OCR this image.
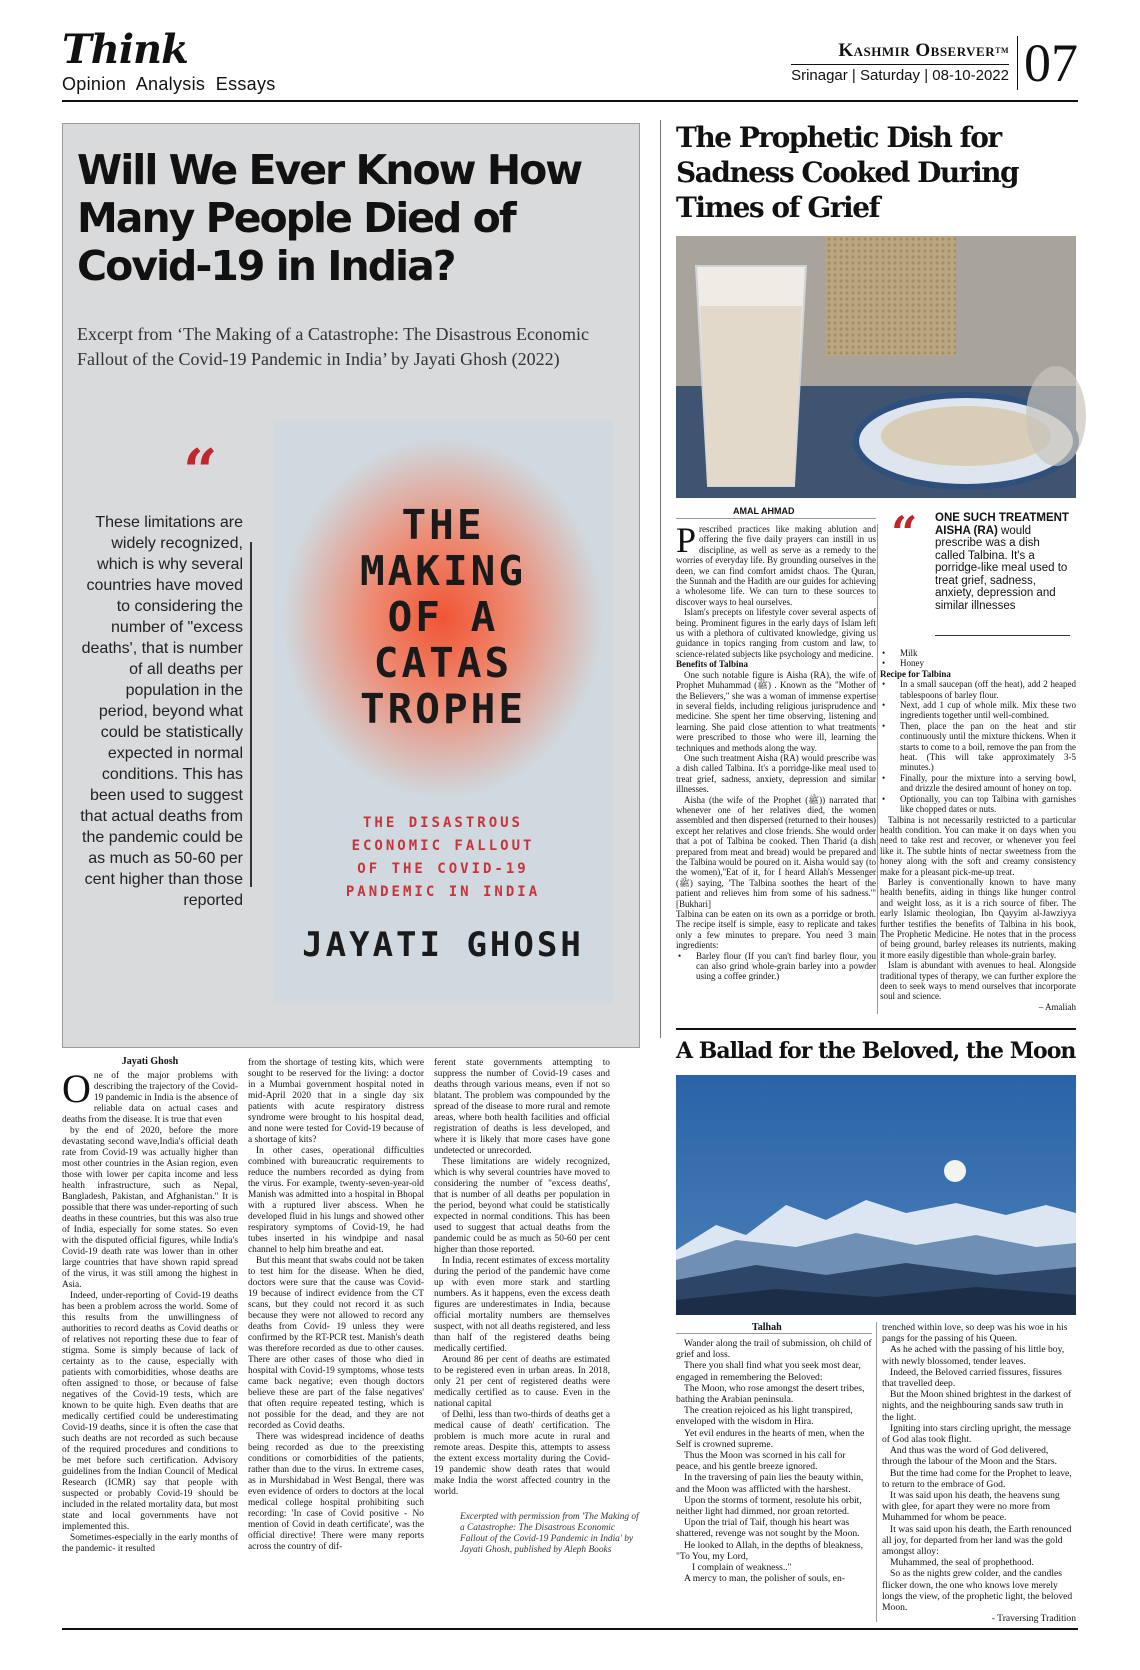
Think
Opinion  Analysis  Essays
Kashmir Observer™
Srinagar | Saturday | 08-10-2022 07
Will We Ever Know How Many People Died of Covid-19 in India?
Excerpt from ‘The Making of a Catastrophe: The Disastrous Economic Fallout of the Covid-19 Pandemic in India’ by Jayati Ghosh (2022)
“
These limitations are widely recognized, which is why several countries have moved to considering the number of "excess deaths', that is number of all deaths per population in the period, beyond what could be statistically expected in normal conditions. This has been used to suggest that actual deaths from the pandemic could be as much as 50-60 per cent higher than those reported
THE
MAKING
OF A
CATAS
TROPHE
THE DISASTROUS
ECONOMIC FALLOUT
OF THE COVID-19
PANDEMIC IN INDIA
JAYATI GHOSH
Jayati Ghosh

One of the major problems with describing the trajectory of the Covid-19 pandemic in India is the absence of reliable data on actual cases and deaths from the disease. It is true that even

by the end of 2020, before the more devastating second wave,India's official death rate from Covid-19 was actually higher than most other countries in the Asian region, even those with lower per capita income and less health infrastructure, such as Nepal, Bangladesh, Pakistan, and Afghanistan." It is possible that there was under-reporting of such deaths in these countries, but this was also true of India, especially for some states. So even with the disputed official figures, while India's Covid-19 death rate was lower than in other large countries that have shown rapid spread of the virus, it was still among the highest in Asia.

Indeed, under-reporting of Covid-19 deaths has been a problem across the world. Some of this results from the unwillingness of authorities to record deaths as Covid deaths or of relatives not reporting these due to fear of stigma. Some is simply because of lack of certainty as to the cause, especially with patients with comorbidities, whose deaths are often assigned to those, or because of false negatives of the Covid-19 tests, which are known to be quite high. Even deaths that are medically certified could be underestimating Covid-19 deaths, since it is often the case that such deaths are not recorded as such because of the required procedures and conditions to be met before such certification. Advisory guidelines from the Indian Council of Medical Research (ICMR) say that people with suspected or probably Covid-19 should be included in the related mortality data, but most state and local governments have not implemented this.

Sometimes-especially in the early months of the pandemic- it resulted

from the shortage of testing kits, which were sought to be reserved for the living: a doctor in a Mumbai government hospital noted in mid-April 2020 that in a single day six patients with acute respiratory distress syndrome were brought to his hospital dead, and none were tested for Covid-19 because of a shortage of kits?

In other cases, operational difficulties combined with bureaucratic requirements to reduce the numbers recorded as dying from the virus. For example, twenty-seven-year-old Manish was admitted into a hospital in Bhopal with a ruptured liver abscess. When he developed fluid in his lungs and showed other respiratory symptoms of Covid-19, he had tubes inserted in his windpipe and nasal channel to help him breathe and eat.

But this meant that swabs could not be taken to test him for the disease. When he died, doctors were sure that the cause was Covid- 19 because of indirect evidence from the CT scans, but they could not record it as such because they were not allowed to record any deaths from Covid- 19 unless they were confirmed by the RT-PCR test. Manish's death was therefore recorded as due to other causes. There are other cases of those who died in hospital with Covid-19 symptoms, whose tests came back negative; even though doctors believe these are part of the false negatives' that often require repeated testing, which is not possible for the dead, and they are not recorded as Covid deaths.

There was widespread incidence of deaths being recorded as due to the preexisting conditions or comorbidities of the patients, rather than due to the virus. In extreme cases, as in Murshidabad in West Bengal, there was even evidence of orders to doctors at the local medical college hospital prohibiting such recording: 'In case of Covid positive - No mention of Covid in death certificate', was the official directive! There were many reports across the country of dif-

ferent state governments attempting to suppress the number of Covid-19 cases and deaths through various means, even if not so blatant. The problem was compounded by the spread of the disease to more rural and remote areas, where both health facilities and official registration of deaths is less developed, and where it is likely that more cases have gone undetected or unrecorded.

These limitations are widely recognized, which is why several countries have moved to considering the number of "excess deaths', that is number of all deaths per population in the period, beyond what could be statistically expected in normal conditions. This has been used to suggest that actual deaths from the pandemic could be as much as 50-60 per cent higher than those reported.

In India, recent estimates of excess mortality during the period of the pandemic have come up with even more stark and startling numbers. As it happens, even the excess death figures are underestimates in India, because official mortality numbers are themselves suspect, with not all deaths registered, and less than half of the registered deaths being medically certified.

Around 86 per cent of deaths are estimated to be registered even in urban areas. In 2018, only 21 per cent of registered deaths were medically certified as to cause. Even in the national capital

of Delhi, less than two-thirds of deaths get a medical cause of death' certification. The problem is much more acute in rural and remote areas. Despite this, attempts to assess the extent excess mortality during the Covid-19 pandemic show death rates that would make India the worst affected country in the world.

Excerpted with permission from 'The Making of a Catastrophe: The Disastrous Economic Fallout of the Covid-19 Pandemic in India' by Jayati Ghosh, published by Aleph Books
The Prophetic Dish for Sadness Cooked During Times of Grief
AMAL AHMAD “ ONE SUCH TREATMENT AISHA (RA) would prescribe was a dish called Talbina. It's a porridge-like meal used to treat grief, sadness, anxiety, depression and similar illnesses

Prescribed practices like making ablution and offering the five daily prayers can instill in us discipline, as well as serve as a remedy to the worries of everyday life. By grounding ourselves in the deen, we can find comfort amidst chaos. The Quran, the Sunnah and the Hadith are our guides for achieving a wholesome life. We can turn to these sources to discover ways to heal ourselves.

Islam's precepts on lifestyle cover several aspects of being. Prominent figures in the early days of Islam left us with a plethora of cultivated knowledge, giving us guidance in topics ranging from custom and law, to science-related subjects like psychology and medicine.

Benefits of Talbina

One such notable figure is Aisha (RA), the wife of Prophet Muhammad (ﷺ) . Known as the "Mother of the Believers," she was a woman of immense expertise in several fields, including religious jurisprudence and medicine. She spent her time observing, listening and learning. She paid close attention to what treatments were prescribed to those who were ill, learning the techniques and methods along the way.

One such treatment Aisha (RA) would prescribe was a dish called Talbina. It's a porridge-like meal used to treat grief, sadness, anxiety, depression and similar illnesses.

Aisha (the wife of the Prophet (ﷺ)) narrated that whenever one of her relatives died, the women assembled and then dispersed (returned to their houses) except her relatives and close friends. She would order that a pot of Talbina be cooked. Then Tharid (a dish prepared from meat and bread) would be prepared and the Talbina would be poured on it. Aisha would say (to the women),"Eat of it, for I heard Allah's Messenger (ﷺ) saying, 'The Talbina soothes the heart of the patient and relieves him from some of his sadness.'"[Bukhari]

Talbina can be eaten on its own as a porridge or broth. The recipe itself is simple, easy to replicate and takes only a few minutes to prepare. You need 3 main ingredients:

• Barley flour (If you can't find barley flour, you can also grind whole-grain barley into a powder using a coffee grinder.)
• Milk
• Honey

Recipe for Talbina

• In a small saucepan (off the heat), add 2 heaped tablespoons of barley flour.
• Next, add 1 cup of whole milk. Mix these two ingredients together until well-combined.
• Then, place the pan on the heat and stir continuously until the mixture thickens. When it starts to come to a boil, remove the pan from the heat. (This will take approximately 3-5 minutes.)
• Finally, pour the mixture into a serving bowl, and drizzle the desired amount of honey on top.
• Optionally, you can top Talbina with garnishes like chopped dates or nuts.

Talbina is not necessarily restricted to a particular health condition. You can make it on days when you need to take rest and recover, or whenever you feel like it. The subtle hints of nectar sweetness from the honey along with the soft and creamy consistency make for a pleasant pick-me-up treat.

Barley is conventionally known to have many health benefits, aiding in things like hunger control and weight loss, as it is a rich source of fiber. The early Islamic theologian, Ibn Qayyim al-Jawziyya further testifies the benefits of Talbina in his book, The Prophetic Medicine. He notes that in the process of being ground, barley releases its nutrients, making it more easily digestible than whole-grain barley.

Islam is abundant with avenues to heal. Alongside traditional types of therapy, we can further explore the deen to seek ways to mend ourselves that incorporate soul and science.

– Amaliah

A Ballad for the Beloved, the Moon
Talhah

Wander along the trail of submission, oh child of grief and loss.

There you shall find what you seek most dear, engaged in remembering the Beloved:

The Moon, who rose amongst the desert tribes, bathing the Arabian peninsula.

The creation rejoiced as his light transpired, enveloped with the wisdom in Hira.

Yet evil endures in the hearts of men, when the Self is crowned supreme.

Thus the Moon was scorned in his call for peace, and his gentle breeze ignored.

In the traversing of pain lies the beauty within, and the Moon was afflicted with the harshest.

Upon the storms of torment, resolute his orbit, neither light had dimmed, nor groan retorted.

Upon the trial of Taif, though his heart was shattered, revenge was not sought by the Moon.

He looked to Allah, in the depths of bleakness, "To You, my Lord,

I complain of weakness.."

A mercy to man, the polisher of souls, en-

trenched within love, so deep was his woe in his pangs for the passing of his Queen.

As he ached with the passing of his little boy, with newly blossomed, tender leaves.

Indeed, the Beloved carried fissures, fissures that travelled deep.

But the Moon shined brightest in the darkest of nights, and the neighbouring sands saw truth in the light.

Igniting into stars circling upright, the message of God alas took flight.

And thus was the word of God delivered, through the labour of the Moon and the Stars.

But the time had come for the Prophet to leave, to return to the embrace of God.

It was said upon his death, the heavens sung with glee, for apart they were no more from Muhammed for whom be peace.

It was said upon his death, the Earth renounced all joy, for departed from her land was the gold amongst alloy:

Muhammed, the seal of prophethood.

So as the nights grew colder, and the candles flicker down, the one who knows love merely longs the view, of the prophetic light, the beloved Moon.

- Traversing Tradition
